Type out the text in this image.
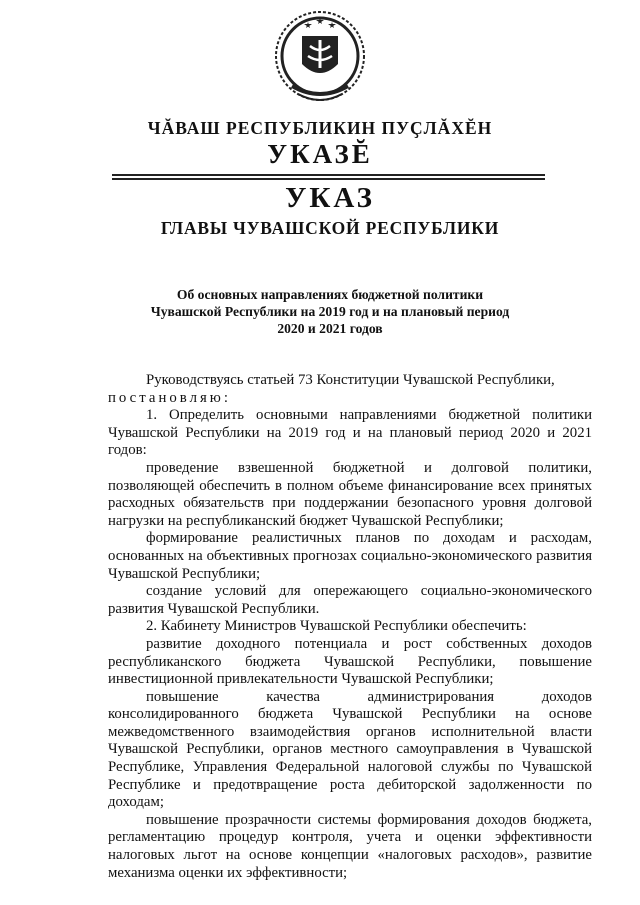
ЧĂВАШ РЕСПУБЛИКИН ПУҪЛĂХĔН
УКАЗĔ
УКАЗ
ГЛАВЫ ЧУВАШСКОЙ РЕСПУБЛИКИ
Об основных направлениях бюджетной политики
Чувашской Республики на 2019 год и на плановый период
2020 и 2021 годов

Руководствуясь статьей 73 Конституции Чувашской Республики,

постановляю:

1. Определить основными направлениями бюджетной политики Чувашской Республики на 2019 год и на плановый период 2020 и 2021 годов:

проведение взвешенной бюджетной и долговой политики, позволяющей обеспечить в полном объеме финансирование всех принятых расходных обязательств при поддержании безопасного уровня долговой нагрузки на республиканский бюджет Чувашской Республики;

формирование реалистичных планов по доходам и расходам, основанных на объективных прогнозах социально-экономического развития Чувашской Республики;

создание условий для опережающего социально-экономического развития Чувашской Республики.

2. Кабинету Министров Чувашской Республики обеспечить:

развитие доходного потенциала и рост собственных доходов республиканского бюджета Чувашской Республики, повышение инвестиционной привлекательности Чувашской Республики;

повышение качества администрирования доходов консолидированного бюджета Чувашской Республики на основе межведомственного взаимодействия органов исполнительной власти Чувашской Республики, органов местного самоуправления в Чувашской Республике, Управления Федеральной налоговой службы по Чувашской Республике и предотвращение роста дебиторской задолженности по доходам;

повышение прозрачности системы формирования доходов бюджета, регламентацию процедур контроля, учета и оценки эффективности налоговых льгот на основе концепции «налоговых расходов», развитие механизма оценки их эффективности;
